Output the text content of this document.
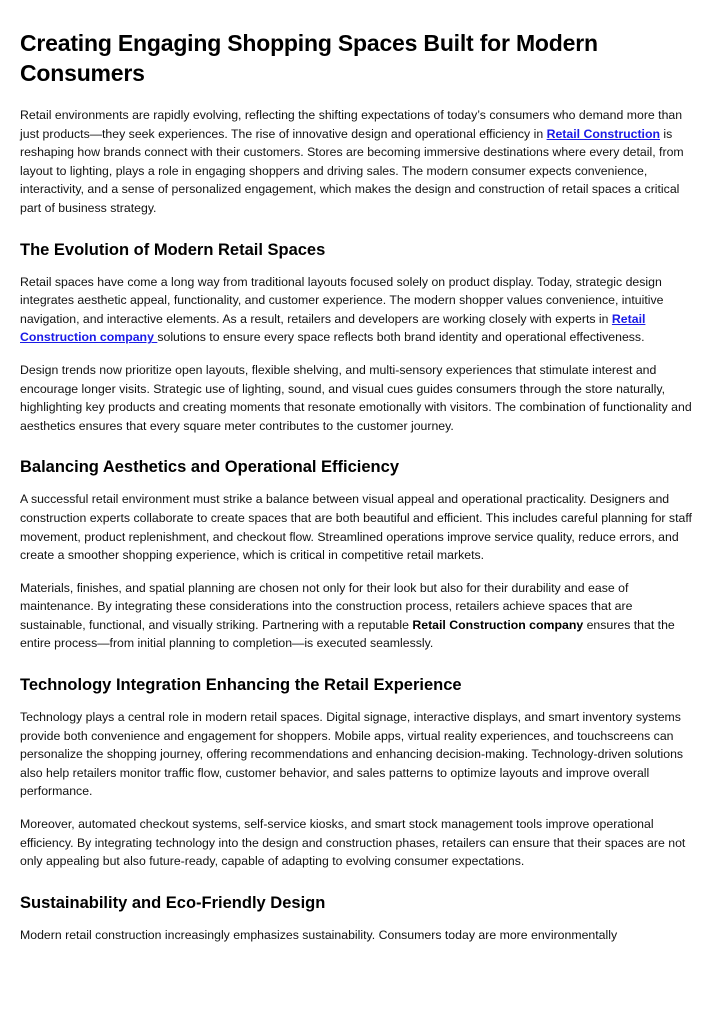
Creating Engaging Shopping Spaces Built for Modern Consumers

Retail environments are rapidly evolving, reflecting the shifting expectations of today’s consumers who demand more than just products—they seek experiences. The rise of innovative design and operational efficiency in Retail Construction is reshaping how brands connect with their customers. Stores are becoming immersive destinations where every detail, from layout to lighting, plays a role in engaging shoppers and driving sales. The modern consumer expects convenience, interactivity, and a sense of personalized engagement, which makes the design and construction of retail spaces a critical part of business strategy.

The Evolution of Modern Retail Spaces

Retail spaces have come a long way from traditional layouts focused solely on product display. Today, strategic design integrates aesthetic appeal, functionality, and customer experience. The modern shopper values convenience, intuitive navigation, and interactive elements. As a result, retailers and developers are working closely with experts in Retail Construction company solutions to ensure every space reflects both brand identity and operational effectiveness.

Design trends now prioritize open layouts, flexible shelving, and multi-sensory experiences that stimulate interest and encourage longer visits. Strategic use of lighting, sound, and visual cues guides consumers through the store naturally, highlighting key products and creating moments that resonate emotionally with visitors. The combination of functionality and aesthetics ensures that every square meter contributes to the customer journey.

Balancing Aesthetics and Operational Efficiency

A successful retail environment must strike a balance between visual appeal and operational practicality. Designers and construction experts collaborate to create spaces that are both beautiful and efficient. This includes careful planning for staff movement, product replenishment, and checkout flow. Streamlined operations improve service quality, reduce errors, and create a smoother shopping experience, which is critical in competitive retail markets.

Materials, finishes, and spatial planning are chosen not only for their look but also for their durability and ease of maintenance. By integrating these considerations into the construction process, retailers achieve spaces that are sustainable, functional, and visually striking. Partnering with a reputable Retail Construction company ensures that the entire process—from initial planning to completion—is executed seamlessly.

Technology Integration Enhancing the Retail Experience

Technology plays a central role in modern retail spaces. Digital signage, interactive displays, and smart inventory systems provide both convenience and engagement for shoppers. Mobile apps, virtual reality experiences, and touchscreens can personalize the shopping journey, offering recommendations and enhancing decision-making. Technology-driven solutions also help retailers monitor traffic flow, customer behavior, and sales patterns to optimize layouts and improve overall performance.

Moreover, automated checkout systems, self-service kiosks, and smart stock management tools improve operational efficiency. By integrating technology into the design and construction phases, retailers can ensure that their spaces are not only appealing but also future-ready, capable of adapting to evolving consumer expectations.

Sustainability and Eco-Friendly Design

Modern retail construction increasingly emphasizes sustainability. Consumers today are more environmentally
